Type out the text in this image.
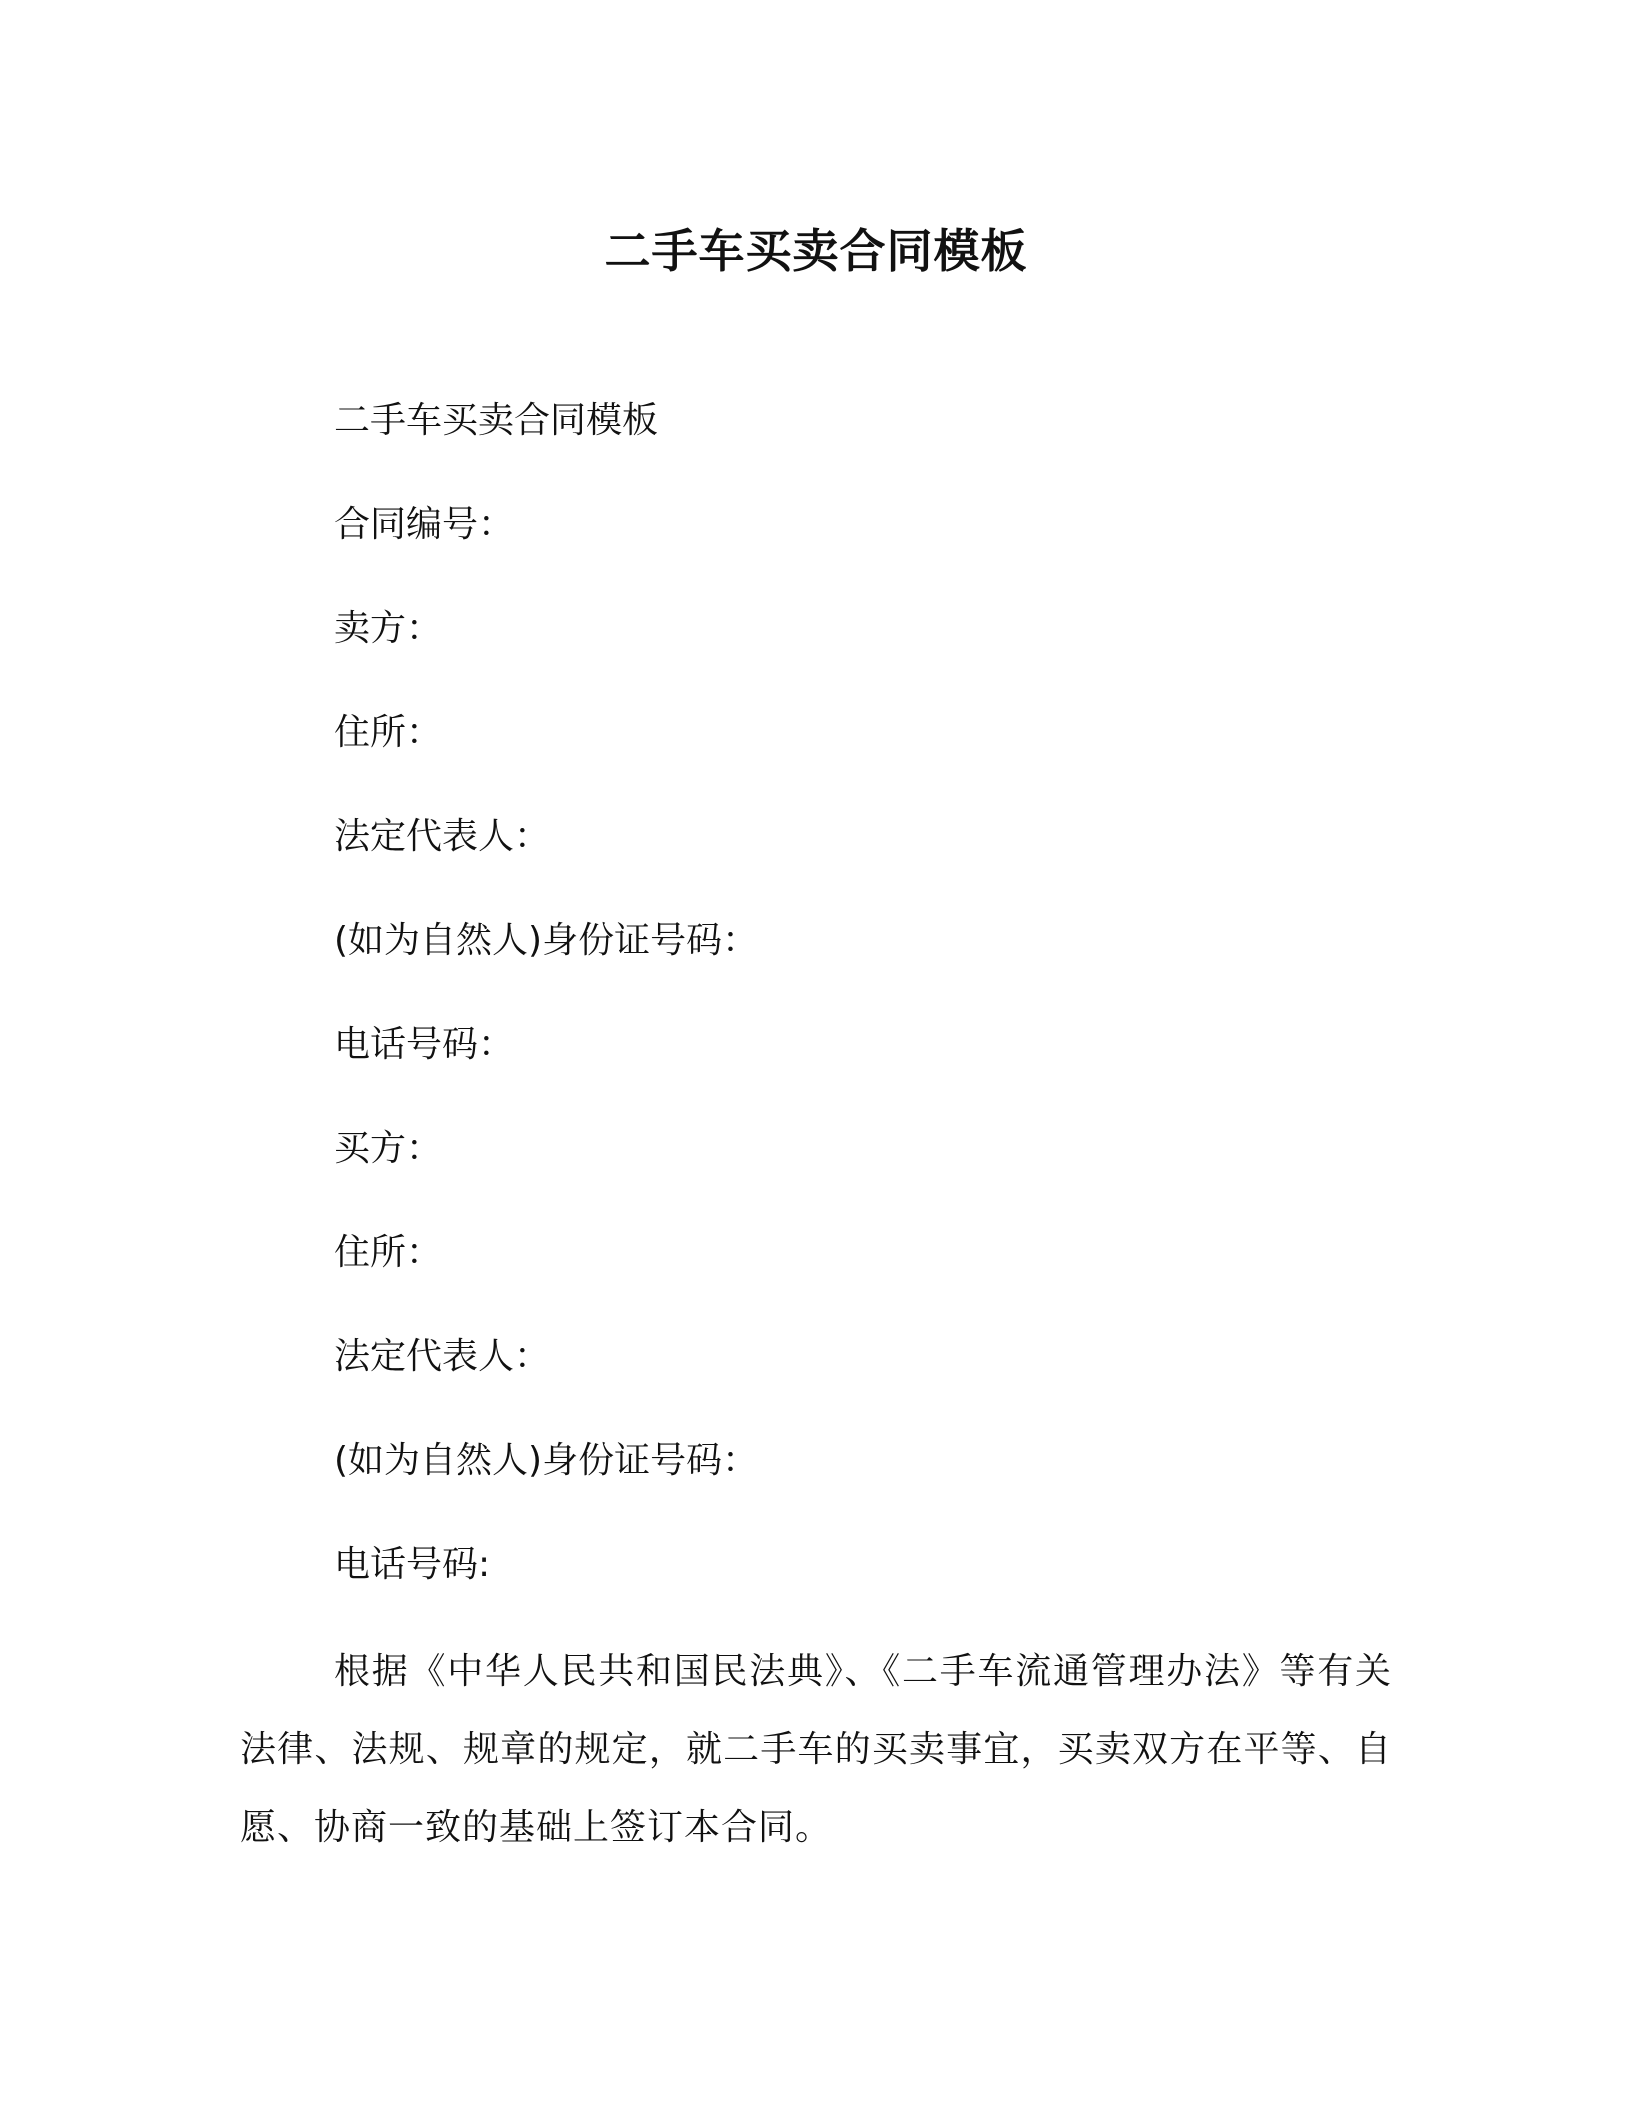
二手车买卖合同模板
二手车买卖合同模板
合同编号：
卖方：
住所：
法定代表人：
(如为自然人)身份证号码：
电话号码：
买方：
住所：
法定代表人：
(如为自然人)身份证号码：
电话号码:

根据《中华人民共和国民法典》、《二手车流通管理办法》等有关法律、法规、规章的规定，就二手车的买卖事宜，买卖双方在平等、自愿、协商一致的基础上签订本合同。
